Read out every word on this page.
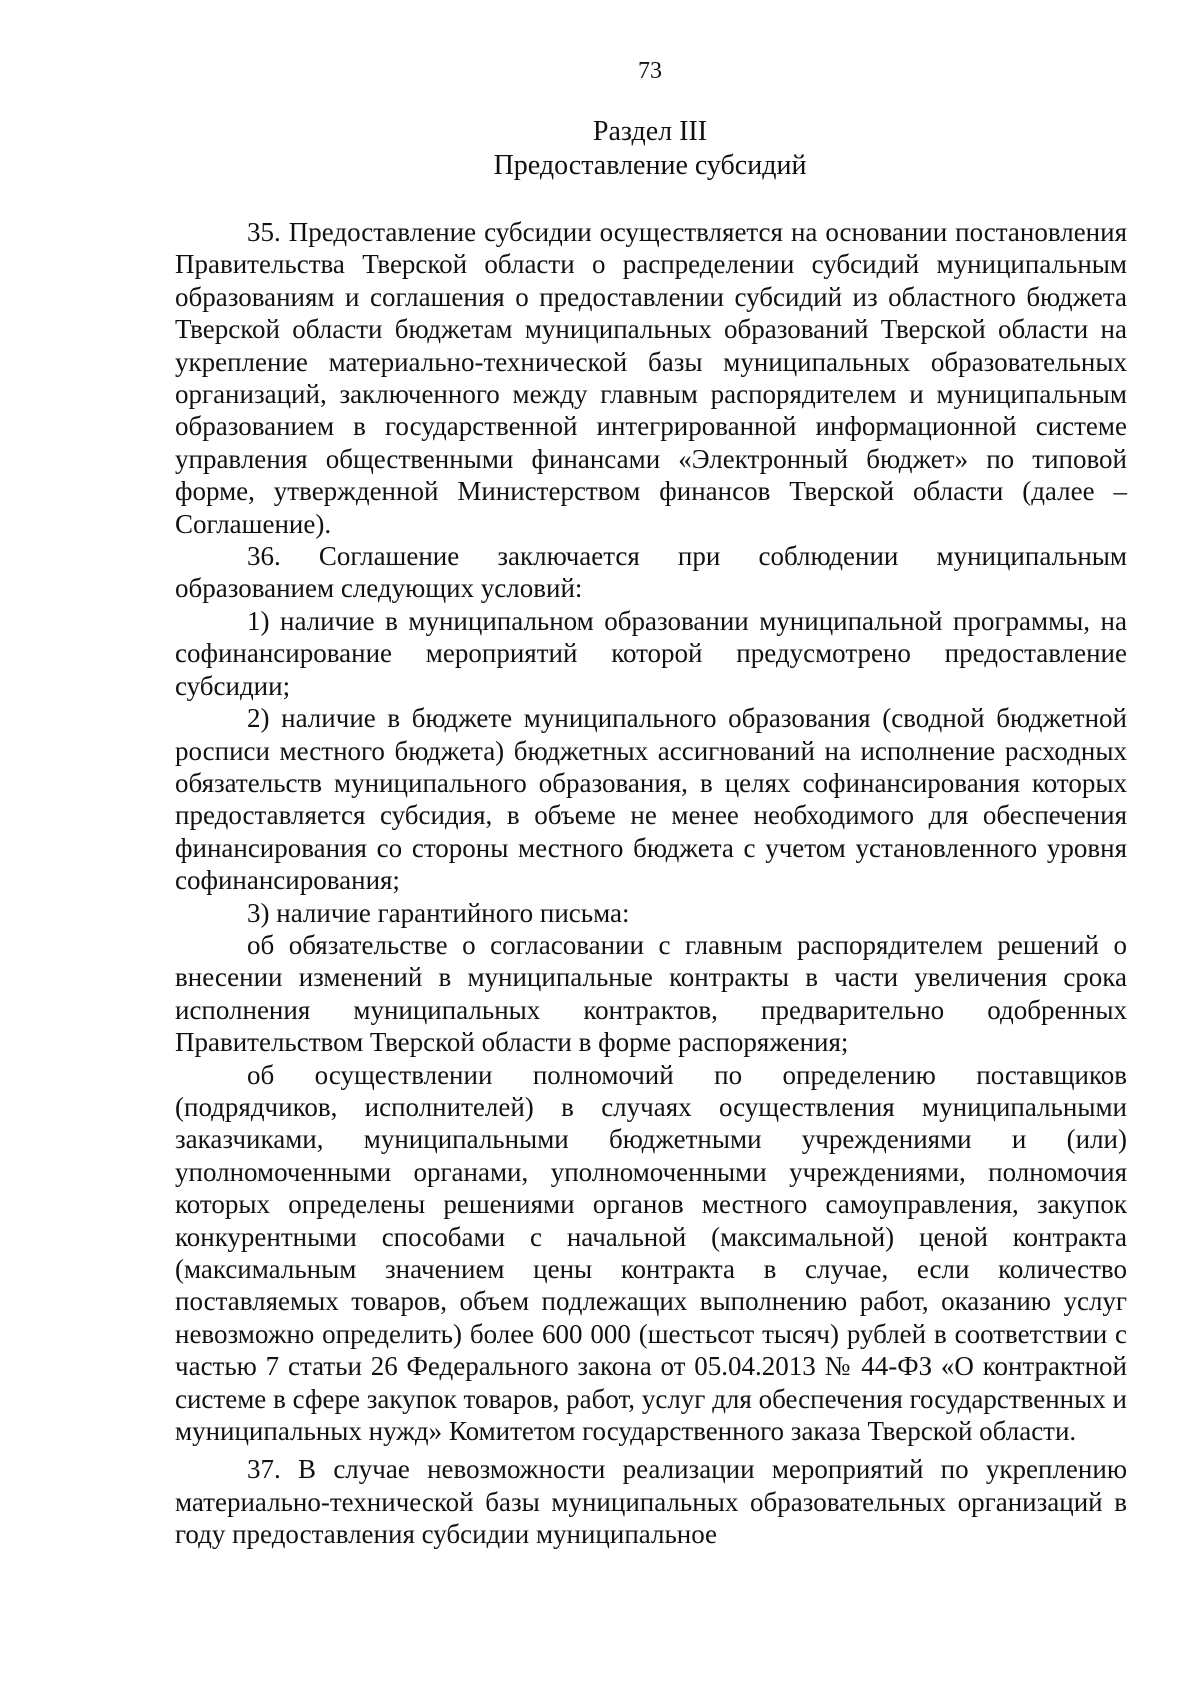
73
Раздел III
Предоставление субсидий

35. Предоставление субсидии осуществляется на основании постановления Правительства Тверской области о распределении субсидий муниципальным образованиям и соглашения о предоставлении субсидий из областного бюджета Тверской области бюджетам муниципальных образований Тверской области на укрепление материально-технической базы муниципальных образовательных организаций, заключенного между главным распорядителем и муниципальным образованием в государственной интегрированной информационной системе управления общественными финансами «Электронный бюджет» по типовой форме, утвержденной Министерством финансов Тверской области (далее – Соглашение).

36. Соглашение заключается при соблюдении муниципальным образованием следующих условий:

1) наличие в муниципальном образовании муниципальной программы, на софинансирование мероприятий которой предусмотрено предоставление субсидии;

2) наличие в бюджете муниципального образования (сводной бюджетной росписи местного бюджета) бюджетных ассигнований на исполнение расходных обязательств муниципального образования, в целях софинансирования которых предоставляется субсидия, в объеме не менее необходимого для обеспечения финансирования со стороны местного бюджета с учетом установленного уровня софинансирования;

3) наличие гарантийного письма:

об обязательстве о согласовании с главным распорядителем решений о внесении изменений в муниципальные контракты в части увеличения срока исполнения муниципальных контрактов, предварительно одобренных Правительством Тверской области в форме распоряжения;

об осуществлении полномочий по определению поставщиков (подрядчиков, исполнителей) в случаях осуществления муниципальными заказчиками, муниципальными бюджетными учреждениями и (или) уполномоченными органами, уполномоченными учреждениями, полномочия которых определены решениями органов местного самоуправления, закупок конкурентными способами с начальной (максимальной) ценой контракта (максимальным значением цены контракта в случае, если количество поставляемых товаров, объем подлежащих выполнению работ, оказанию услуг невозможно определить) более 600 000 (шестьсот тысяч) рублей в соответствии с частью 7 статьи 26 Федерального закона от 05.04.2013 № 44-ФЗ «О контрактной системе в сфере закупок товаров, работ, услуг для обеспечения государственных и муниципальных нужд» Комитетом государственного заказа Тверской области.

37. В случае невозможности реализации мероприятий по укреплению материально-технической базы муниципальных образовательных организаций в году предоставления субсидии муниципальное
